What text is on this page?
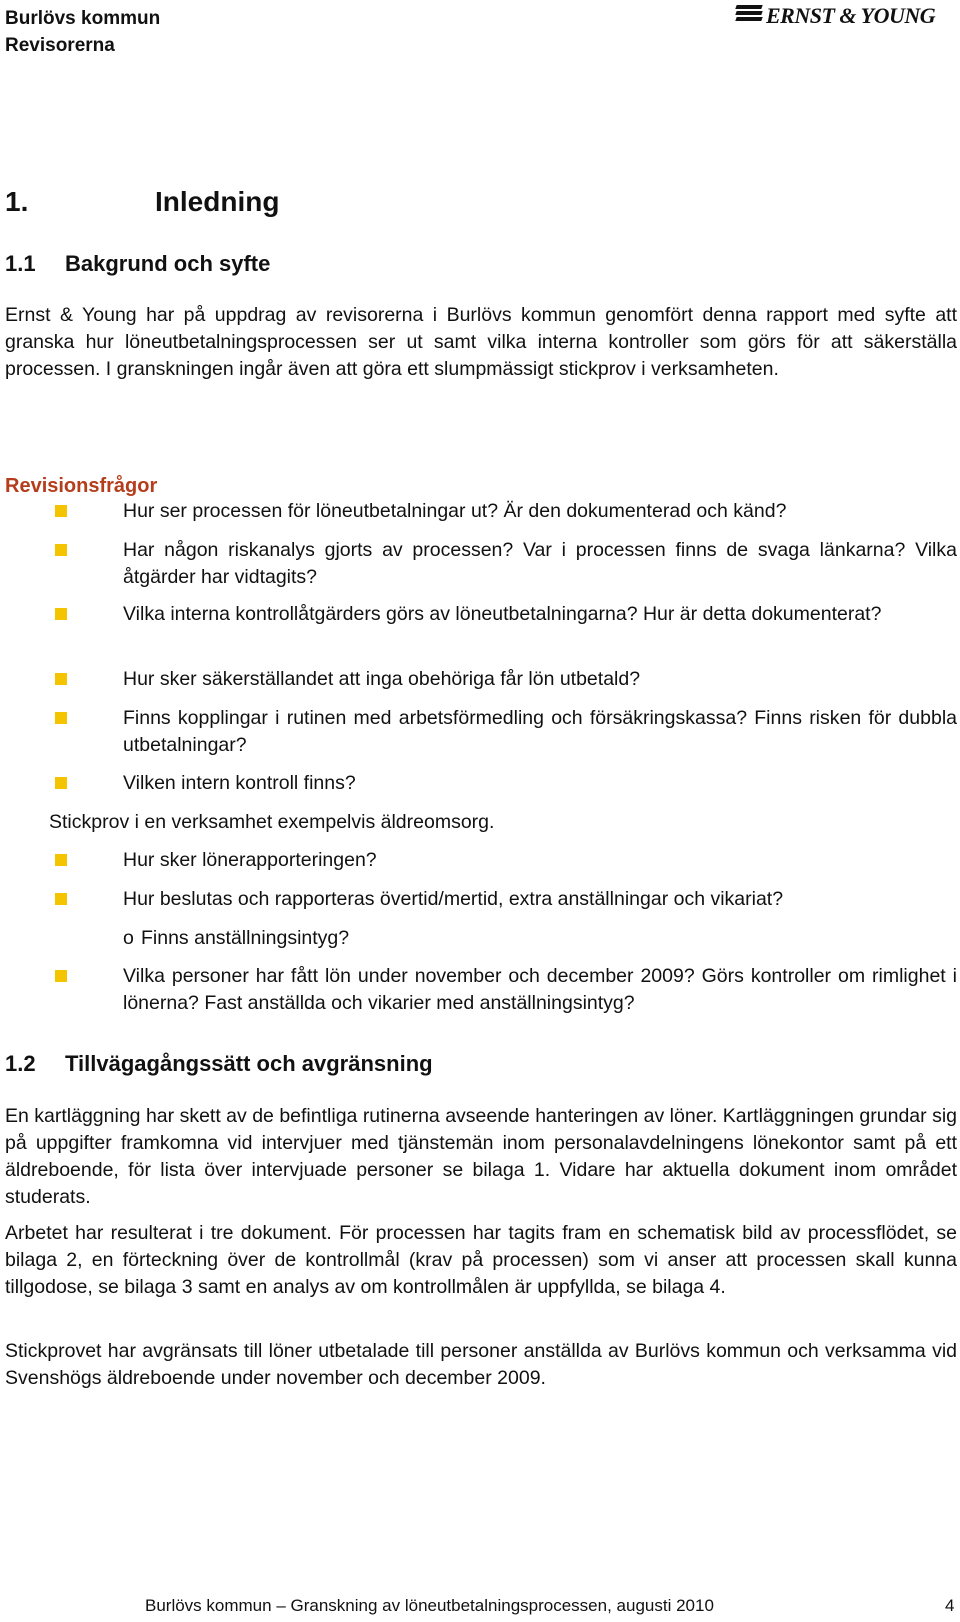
Burlövs kommun
Revisorerna
ERNST & YOUNG
1.	Inledning
1.1 Bakgrund och syfte

Ernst & Young har på uppdrag av revisorerna i Burlövs kommun genomfört denna rapport med syfte att granska hur löneutbetalningsprocessen ser ut samt vilka interna kontroller som görs för att säkerställa processen. I granskningen ingår även att göra ett slumpmässigt stickprov i verksamheten.

Revisionsfrågor
Hur ser processen för löneutbetalningar ut? Är den dokumenterad och känd?
Har någon riskanalys gjorts av processen? Var i processen finns de svaga länkarna? Vilka åtgärder har vidtagits?
Vilka interna kontrollåtgärders görs av löneutbetalningarna? Hur är detta dokumenterat?
Hur sker säkerställandet att inga obehöriga får lön utbetald?
Finns kopplingar i rutinen med arbetsförmedling och försäkringskassa? Finns risken för dubbla utbetalningar?
Vilken intern kontroll finns?
Stickprov i en verksamhet exempelvis äldreomsorg.
Hur sker lönerapporteringen?
Hur beslutas och rapporteras övertid/mertid, extra anställningar och vikariat?
o Finns anställningsintyg?
Vilka personer har fått lön under november och december 2009? Görs kontroller om rimlighet i lönerna? Fast anställda och vikarier med anställningsintyg?
1.2 Tillvägagångssätt och avgränsning

En kartläggning har skett av de befintliga rutinerna avseende hanteringen av löner. Kartläggningen grundar sig på uppgifter framkomna vid intervjuer med tjänstemän inom personalavdelningens lönekontor samt på ett äldreboende, för lista över intervjuade personer se bilaga 1. Vidare har aktuella dokument inom området studerats.

Arbetet har resulterat i tre dokument. För processen har tagits fram en schematisk bild av processflödet, se bilaga 2, en förteckning över de kontrollmål (krav på processen) som vi anser att processen skall kunna tillgodose, se bilaga 3 samt en analys av om kontrollmålen är uppfyllda, se bilaga 4.

Stickprovet har avgränsats till löner utbetalade till personer anställda av Burlövs kommun och verksamma vid Svenshögs äldreboende under november och december 2009.

Burlövs kommun – Granskning av löneutbetalningsprocessen, augusti 2010	4
